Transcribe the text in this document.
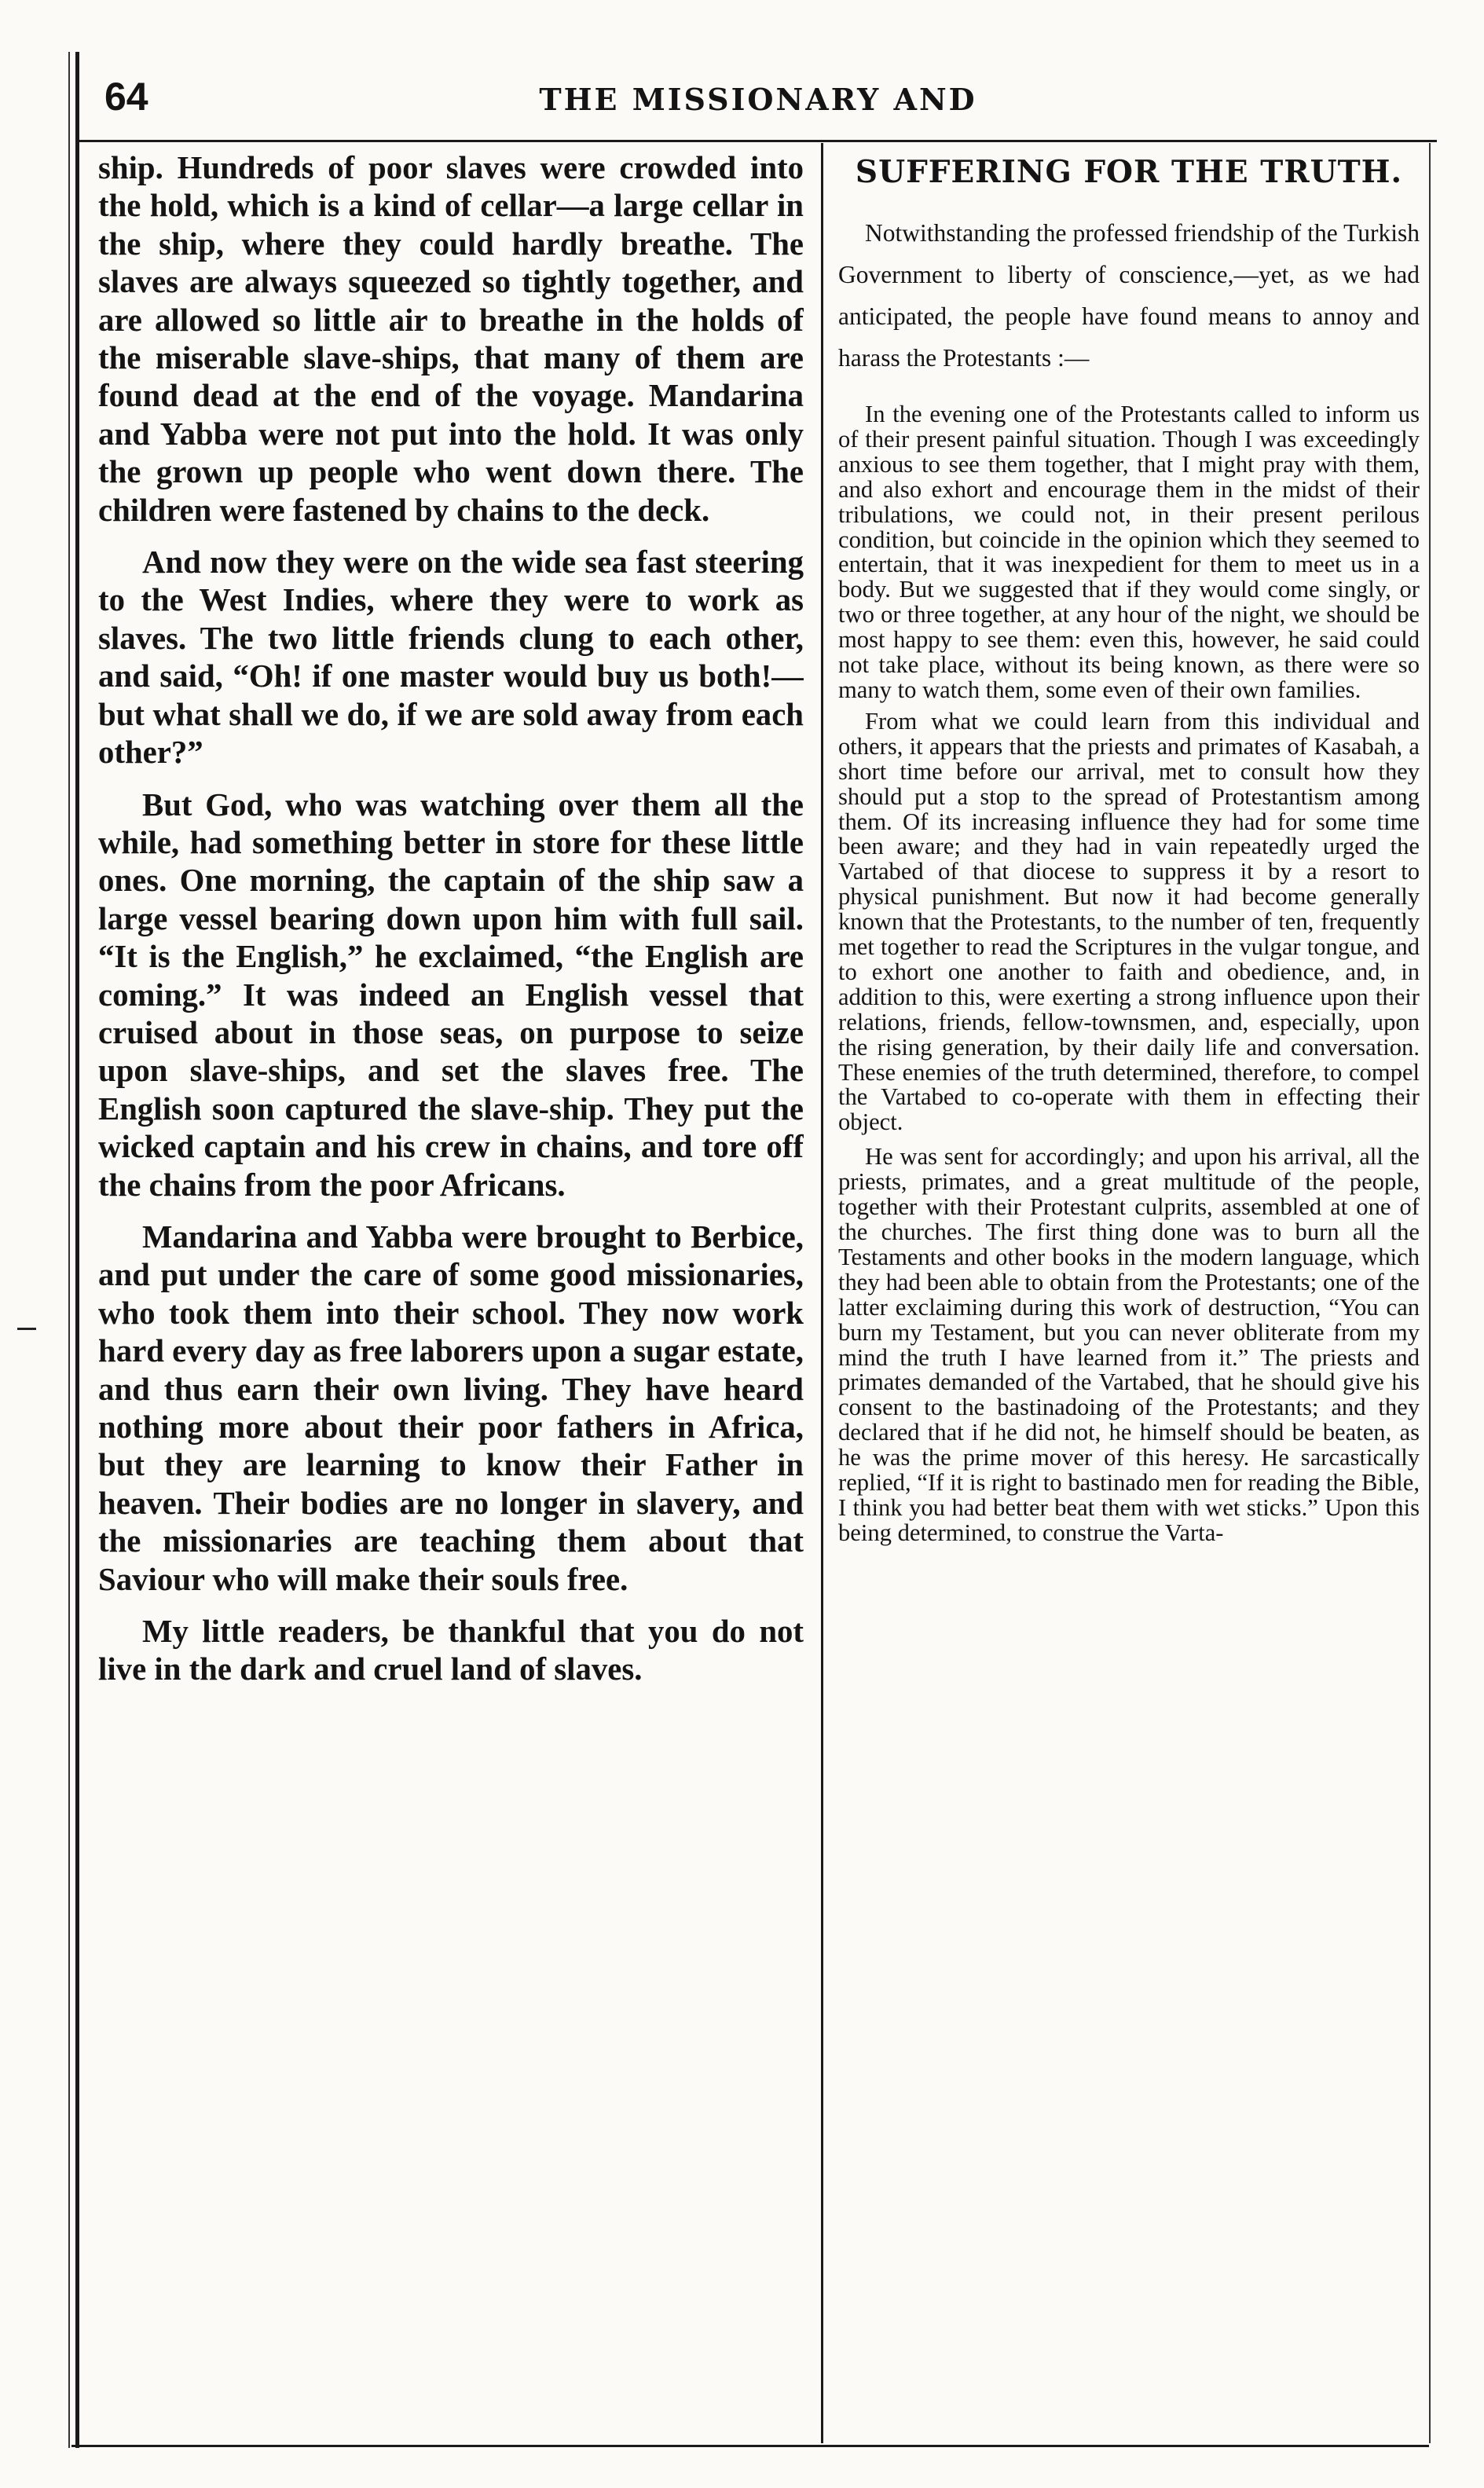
64	THE MISSIONARY AND

ship. Hundreds of poor slaves were crowded into the hold, which is a kind of cellar—a large cellar in the ship, where they could hardly breathe. The slaves are always squeezed so tightly together, and are allowed so little air to breathe in the holds of the miserable slave-ships, that many of them are found dead at the end of the voyage. Mandarina and Yabba were not put into the hold. It was only the grown up people who went down there. The children were fastened by chains to the deck.

And now they were on the wide sea fast steering to the West Indies, where they were to work as slaves. The two little friends clung to each other, and said, “Oh! if one master would buy us both!—but what shall we do, if we are sold away from each other?”

But God, who was watching over them all the while, had something better in store for these little ones. One morning, the captain of the ship saw a large vessel bearing down upon him with full sail. “It is the English,” he exclaimed, “the English are coming.” It was indeed an English vessel that cruised about in those seas, on purpose to seize upon slave-ships, and set the slaves free. The English soon captured the slave-ship. They put the wicked captain and his crew in chains, and tore off the chains from the poor Africans.

Mandarina and Yabba were brought to Berbice, and put under the care of some good missionaries, who took them into their school. They now work hard every day as free laborers upon a sugar estate, and thus earn their own living. They have heard nothing more about their poor fathers in Africa, but they are learning to know their Father in heaven. Their bodies are no longer in slavery, and the missionaries are teaching them about that Saviour who will make their souls free.

My little readers, be thankful that you do not live in the dark and cruel land of slaves.

SUFFERING FOR THE TRUTH.

Notwithstanding the professed friendship of the Turkish Government to liberty of conscience,—yet, as we had anticipated, the people have found means to annoy and harass the Protestants :—

In the evening one of the Protestants called to inform us of their present painful situation. Though I was exceedingly anxious to see them together, that I might pray with them, and also exhort and encourage them in the midst of their tribulations, we could not, in their present perilous condition, but coincide in the opinion which they seemed to entertain, that it was inexpedient for them to meet us in a body. But we suggested that if they would come singly, or two or three together, at any hour of the night, we should be most happy to see them: even this, however, he said could not take place, without its being known, as there were so many to watch them, some even of their own families.

From what we could learn from this individual and others, it appears that the priests and primates of Kasabah, a short time before our arrival, met to consult how they should put a stop to the spread of Protestantism among them. Of its increasing influence they had for some time been aware; and they had in vain repeatedly urged the Vartabed of that diocese to suppress it by a resort to physical punishment. But now it had become generally known that the Protestants, to the number of ten, frequently met together to read the Scriptures in the vulgar tongue, and to exhort one another to faith and obedience, and, in addition to this, were exerting a strong influence upon their relations, friends, fellow-townsmen, and, especially, upon the rising generation, by their daily life and conversation. These enemies of the truth determined, therefore, to compel the Vartabed to co-operate with them in effecting their object.

He was sent for accordingly; and upon his arrival, all the priests, primates, and a great multitude of the people, together with their Protestant culprits, assembled at one of the churches. The first thing done was to burn all the Testaments and other books in the modern language, which they had been able to obtain from the Protestants; one of the latter exclaiming during this work of destruction, “You can burn my Testament, but you can never obliterate from my mind the truth I have learned from it.” The priests and primates demanded of the Vartabed, that he should give his consent to the bastinadoing of the Protestants; and they declared that if he did not, he himself should be beaten, as he was the prime mover of this heresy. He sarcastically replied, “If it is right to bastinado men for reading the Bible, I think you had better beat them with wet sticks.” Upon this being determined, to construe the Varta-
